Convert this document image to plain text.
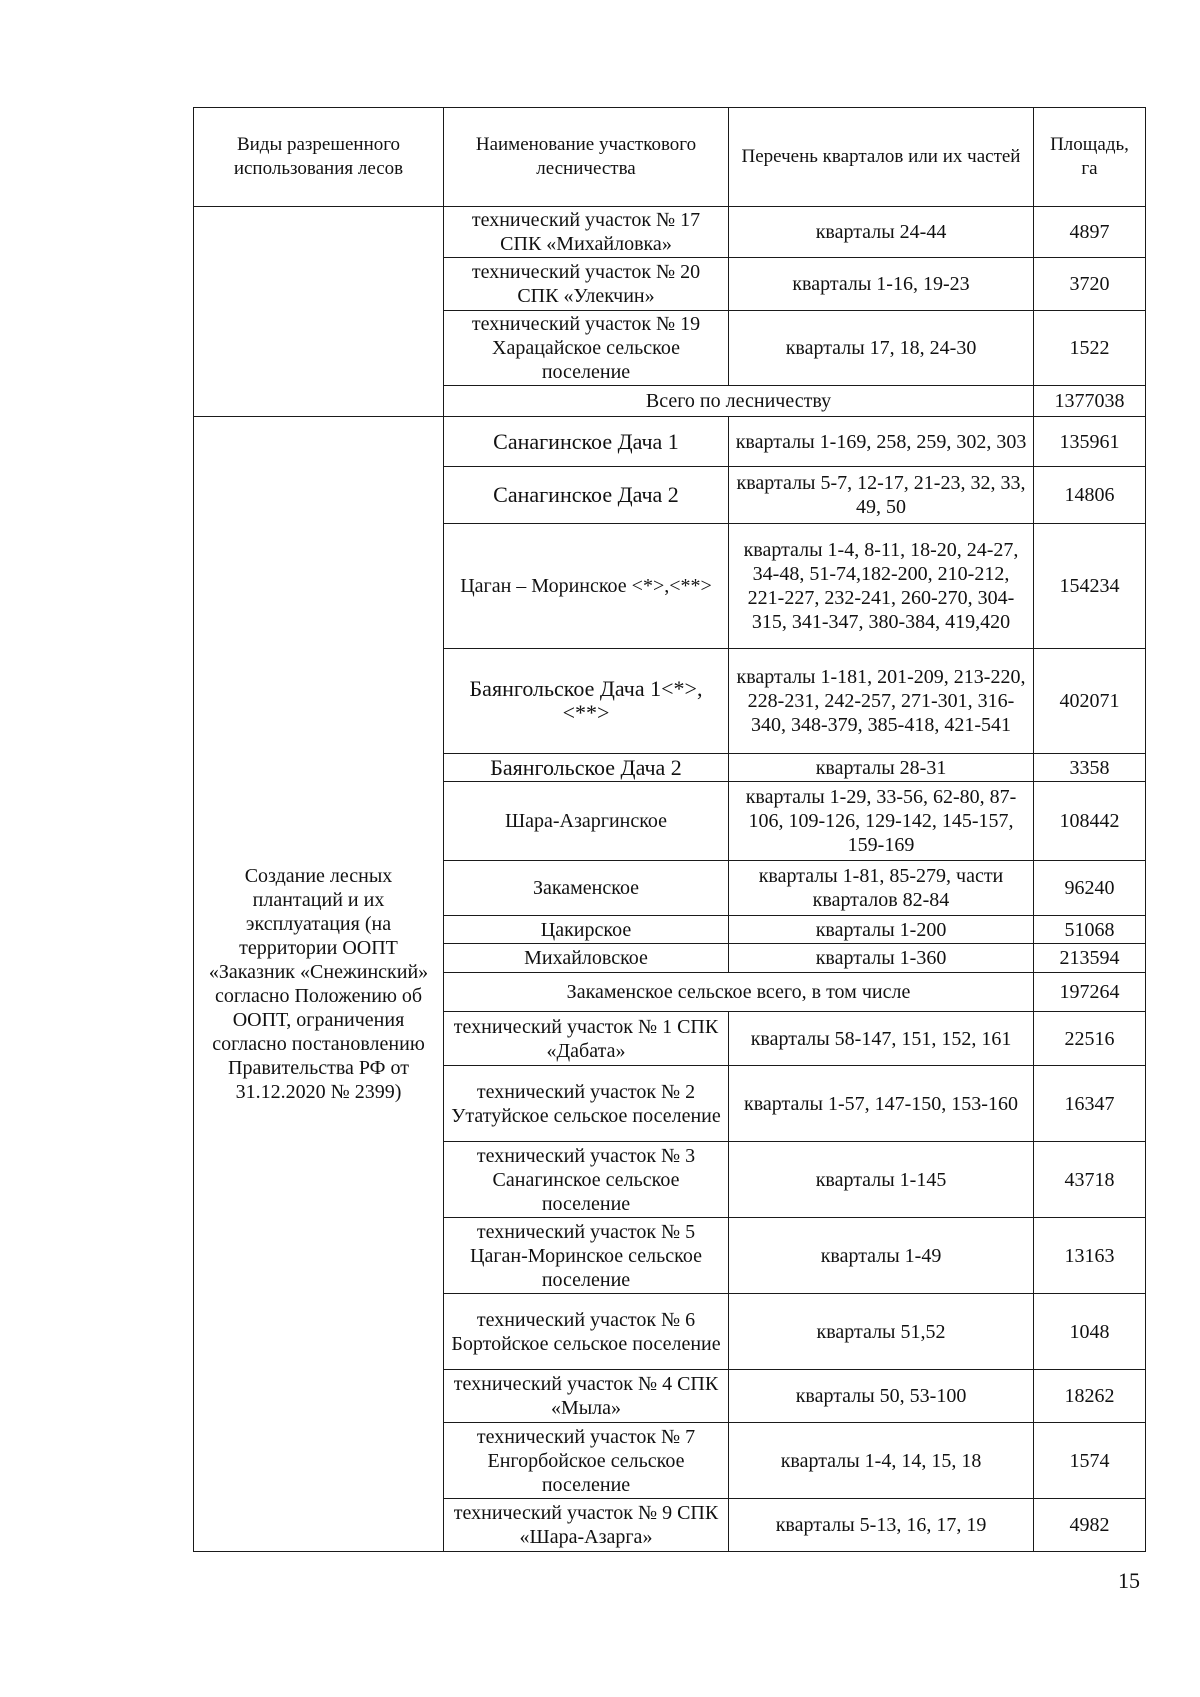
Виды разрешенного использования лесов	Наименование участкового лесничества	Перечень кварталов или их частей	Площадь, га
	технический участок № 17 СПК «Михайловка»	кварталы 24-44	4897
	технический участок № 20 СПК «Улекчин»	кварталы 1-16, 19-23	3720
	технический участок № 19 Харацайское сельское поселение	кварталы 17, 18, 24-30	1522
	Всего по лесничеству		1377038
Создание лесных плантаций и их эксплуатация (на территории ООПТ «Заказник «Снежинский» согласно Положению об ООПТ, ограничения согласно постановлению Правительства РФ от 31.12.2020 № 2399)	Санагинское Дача 1	кварталы 1-169, 258, 259, 302, 303	135961
	Санагинское Дача 2	кварталы 5-7, 12-17, 21-23, 32, 33, 49, 50	14806
	Цаган – Моринское <*>,<**>	кварталы 1-4, 8-11, 18-20, 24-27, 34-48, 51-74,182-200, 210-212, 221-227, 232-241, 260-270, 304-315, 341-347, 380-384, 419,420	154234
	Баянгольское Дача 1<*>, <**>	кварталы 1-181, 201-209, 213-220, 228-231, 242-257, 271-301, 316-340, 348-379, 385-418, 421-541	402071
	Баянгольское Дача 2	кварталы 28-31	3358
	Шара-Азаргинское	кварталы 1-29, 33-56, 62-80, 87-106, 109-126, 129-142, 145-157, 159-169	108442
	Закаменское	кварталы 1-81, 85-279, части кварталов 82-84	96240
	Цакирское	кварталы 1-200	51068
	Михайловское	кварталы 1-360	213594
	Закаменское сельское всего, в том числе		197264
	технический участок № 1 СПК «Дабата»	кварталы 58-147, 151, 152, 161	22516
	технический участок № 2 Утатуйское сельское поселение	кварталы 1-57, 147-150, 153-160	16347
	технический участок № 3 Санагинское сельское поселение	кварталы 1-145	43718
	технический участок № 5 Цаган-Моринское сельское поселение	кварталы 1-49	13163
	технический участок № 6 Бортойское сельское поселение	кварталы 51,52	1048
	технический участок № 4 СПК «Мыла»	кварталы 50, 53-100	18262
	технический участок № 7 Енгорбойское сельское поселение	кварталы 1-4, 14, 15, 18	1574
	технический участок № 9 СПК «Шара-Азарга»	кварталы 5-13, 16, 17, 19	4982
15
